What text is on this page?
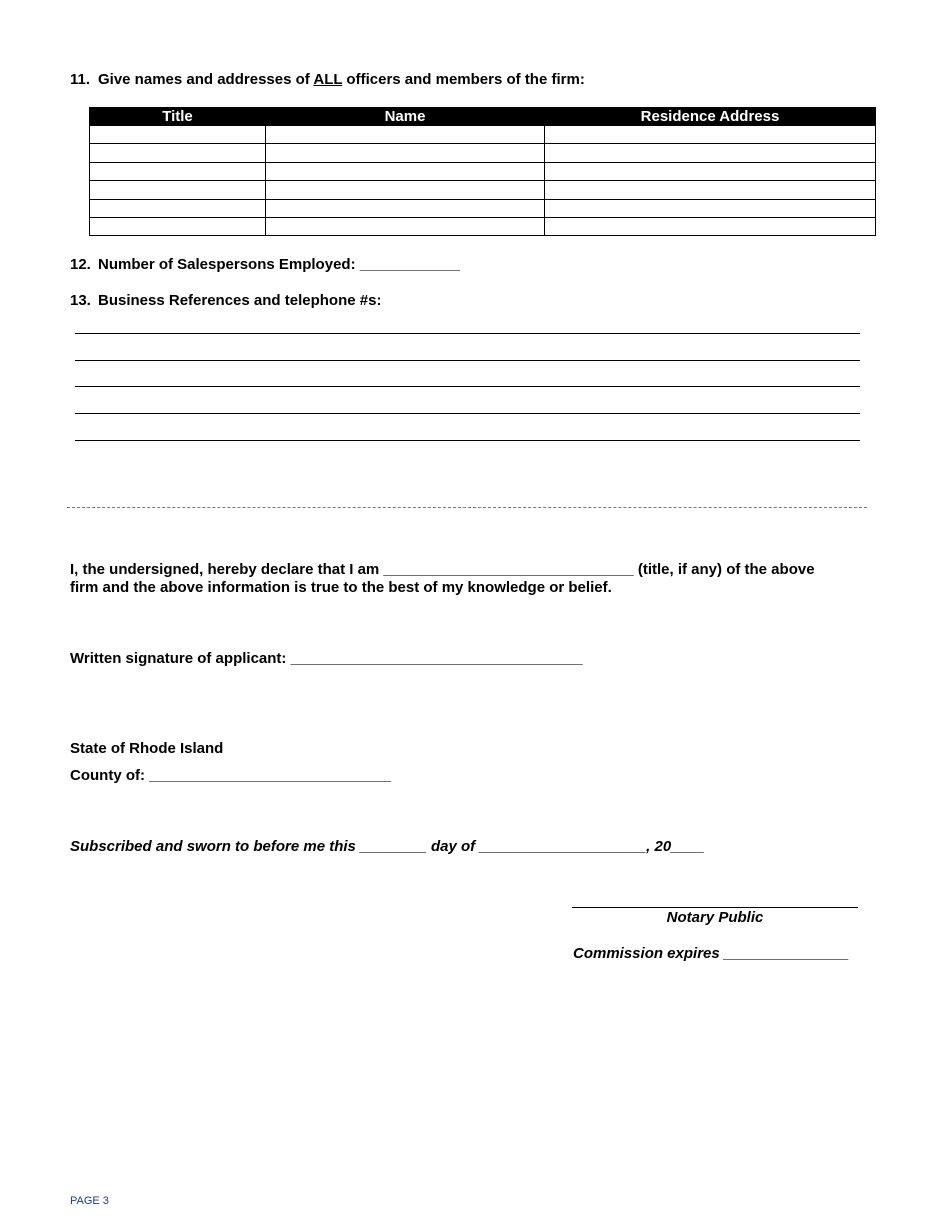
11. Give names and addresses of ALL officers and members of the firm:
Title	Name	Residence Address

12. Number of Salespersons Employed: ____________
13. Business References and telephone #s:
I, the undersigned, hereby declare that I am ______________________________ (title, if any) of the above
firm and the above information is true to the best of my knowledge or belief.
Written signature of applicant: ___________________________________
State of Rhode Island
County of: _____________________________
Subscribed and sworn to before me this ________ day of ____________________, 20____
Notary Public
Commission expires _______________
PAGE 3
